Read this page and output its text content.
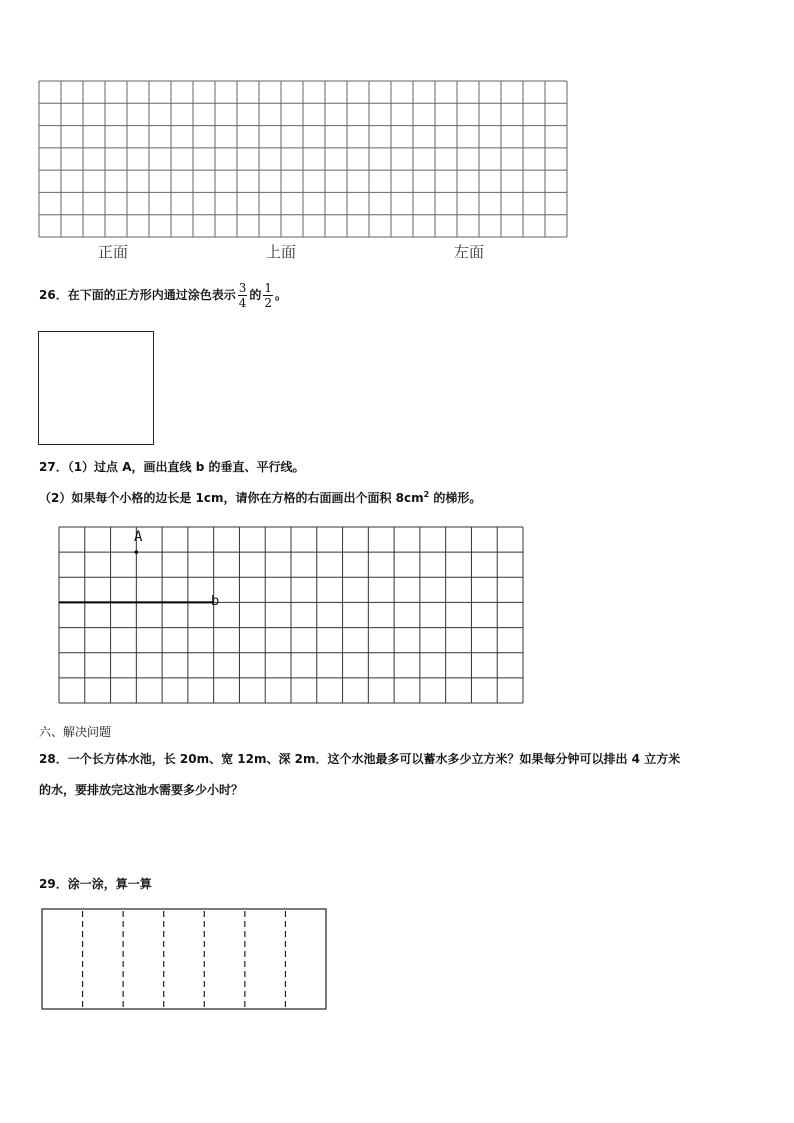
正面	上面	左面
26．在下面的正方形内通过涂色表示 $\frac{3}{4}$ 的 $\frac{1}{2}$ 。
27．（1）过点 A，画出直线 b 的垂直、平行线。
（2）如果每个小格的边长是 1cm，请你在方格的右面画出个面积 $8cm^2$ 的梯形。
A
b
六、解决问题
28．一个长方体水池，长 20m、宽 12m、深 2m．这个水池最多可以蓄水多少立方米？如果每分钟可以排出 4 立方米
的水，要排放完这池水需要多少小时？
29．涂一涂，算一算
